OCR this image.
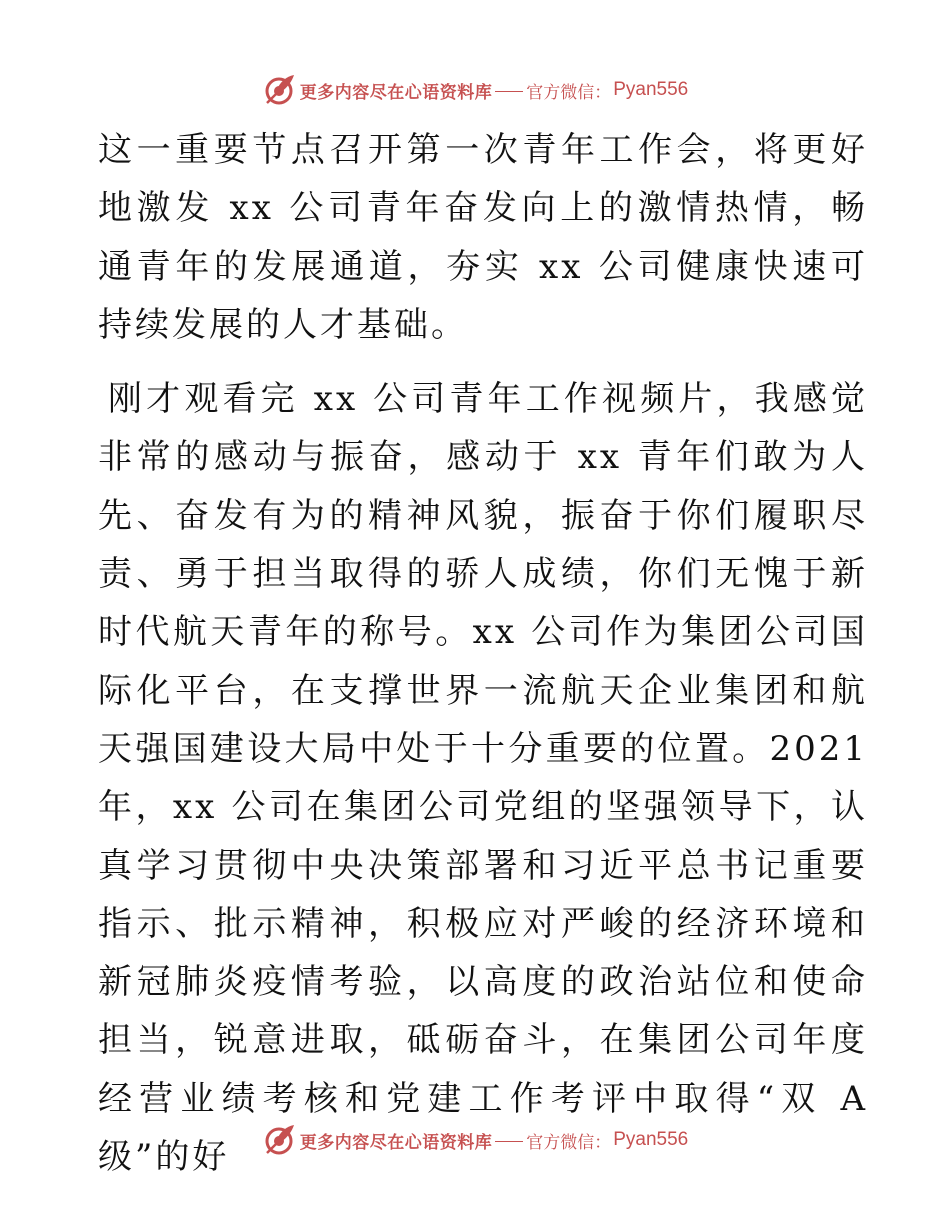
更多内容尽在心语资料库 官方微信： Pyan556

这一重要节点召开第一次青年工作会，将更好地激发 xx 公司青年奋发向上的激情热情，畅通青年的发展通道，夯实 xx 公司健康快速可持续发展的人才基础。

刚才观看完 xx 公司青年工作视频片，我感觉非常的感动与振奋，感动于 xx 青年们敢为人先、奋发有为的精神风貌，振奋于你们履职尽责、勇于担当取得的骄人成绩，你们无愧于新时代航天青年的称号。xx 公司作为集团公司国际化平台，在支撑世界一流航天企业集团和航天强国建设大局中处于十分重要的位置。2021 年，xx 公司在集团公司党组的坚强领导下，认真学习贯彻中央决策部署和习近平总书记重要指示、批示精神，积极应对严峻的经济环境和新冠肺炎疫情考验，以高度的政治站位和使命担当，锐意进取，砥砺奋斗，在集团公司年度经营业绩考核和党建工作考评中取得“双 A 级”的好	更多内容尽在心语资料库 官方微信： Pyan556
